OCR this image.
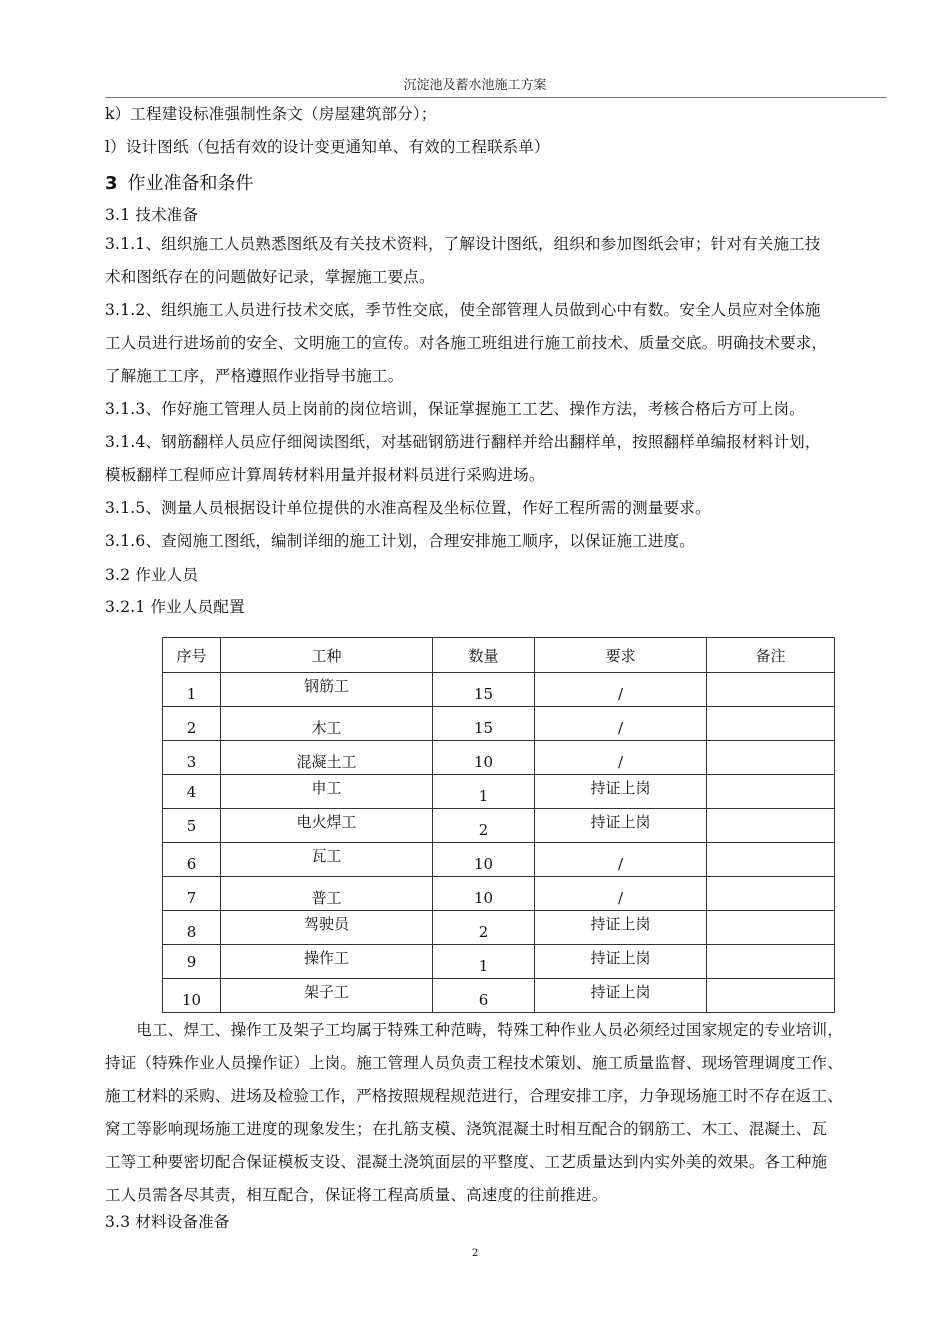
沉淀池及蓄水池施工方案
k）工程建设标准强制性条文（房屋建筑部分）；
l）设计图纸（包括有效的设计变更通知单、有效的工程联系单）
3 作业准备和条件
3.1 技术准备

3.1.1、组织施工人员熟悉图纸及有关技术资料，了解设计图纸，组织和参加图纸会审；针对有关施工技

术和图纸存在的问题做好记录，掌握施工要点。

3.1.2、组织施工人员进行技术交底，季节性交底，使全部管理人员做到心中有数。安全人员应对全体施

工人员进行进场前的安全、文明施工的宣传。对各施工班组进行施工前技术、质量交底。明确技术要求，

了解施工工序，严格遵照作业指导书施工。

3.1.3、作好施工管理人员上岗前的岗位培训，保证掌握施工工艺、操作方法，考核合格后方可上岗。

3.1.4、钢筋翻样人员应仔细阅读图纸，对基础钢筋进行翻样并给出翻样单，按照翻样单编报材料计划，

模板翻样工程师应计算周转材料用量并报材料员进行采购进场。

3.1.5、测量人员根据设计单位提供的水准高程及坐标位置，作好工程所需的测量要求。

3.1.6、查阅施工图纸，编制详细的施工计划，合理安排施工顺序，以保证施工进度。

3.2 作业人员
3.2.1 作业人员配置
序号	工种	数量	要求	备注
1	钢筋工	15	/	
2	木工	15	/	
3	混凝土工	10	/	
4	申工	1	持证上岗	
5	电火焊工	2	持证上岗	
6	瓦工	10	/	
7	普工	10	/	
8	驾驶员	2	持证上岗	
9	操作工	1	持证上岗	
10	架子工	6	持证上岗	

　　电工、焊工、操作工及架子工均属于特殊工种范畴，特殊工种作业人员必须经过国家规定的专业培训，

持证（特殊作业人员操作证）上岗。施工管理人员负责工程技术策划、施工质量监督、现场管理调度工作、

施工材料的采购、进场及检验工作，严格按照规程规范进行，合理安排工序，力争现场施工时不存在返工、

窝工等影响现场施工进度的现象发生；在扎筋支模、浇筑混凝土时相互配合的钢筋工、木工、混凝土、瓦

工等工种要密切配合保证模板支设、混凝土浇筑面层的平整度、工艺质量达到内实外美的效果。各工种施

工人员需各尽其责，相互配合，保证将工程高质量、高速度的往前推进。

3.3 材料设备准备
2
